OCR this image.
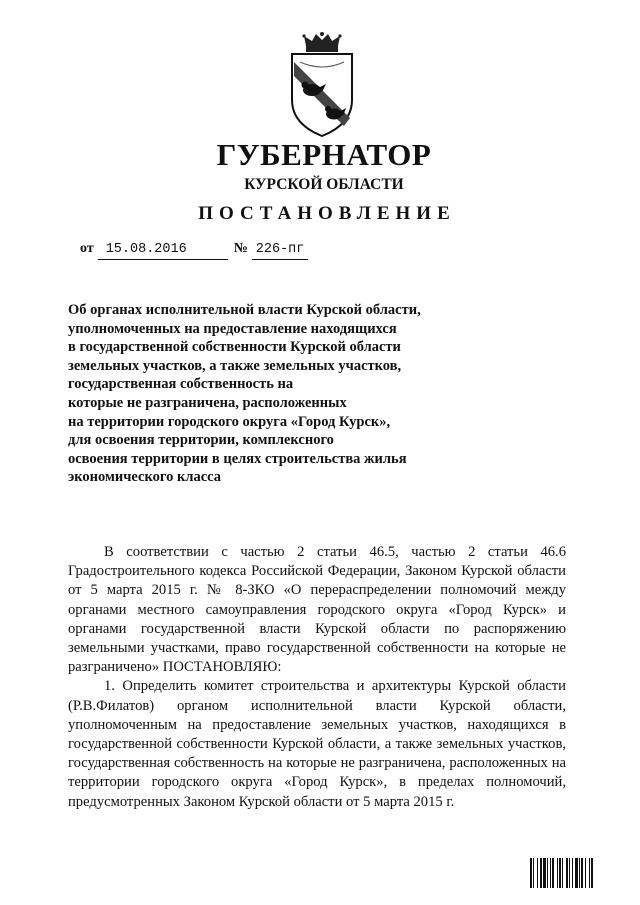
ГУБЕРНАТОР
КУРСКОЙ ОБЛАСТИ
ПОСТАНОВЛЕНИЕ
от 15.08.2016	№ 226-пг
Об органах исполнительной власти Курской области,
уполномоченных на предоставление находящихся
в государственной собственности Курской области
земельных участков, а также земельных участков,
государственная собственность на
которые не разграничена, расположенных
на территории городского округа «Город Курск»,
для освоения территории, комплексного
освоения территории в целях строительства жилья
экономического класса

В соответствии с частью 2 статьи 46.5, частью 2 статьи 46.6 Градостроительного кодекса Российской Федерации, Законом Курской области от 5 марта 2015 г. № 8-ЗКО «О перераспределении полномочий между органами местного самоуправления городского округа «Город Курск» и органами государственной власти Курской области по распоряжению земельными участками, право государственной собственности на которые не разграничено» ПОСТАНОВЛЯЮ:

1. Определить комитет строительства и архитектуры Курской области (Р.В.Филатов) органом исполнительной власти Курской области, уполномоченным на предоставление земельных участков, находящихся в государственной собственности Курской области, а также земельных участков, государственная собственность на которые не разграничена, расположенных на территории городского округа «Город Курск», в пределах полномочий, предусмотренных Законом Курской области от 5 марта 2015 г.
